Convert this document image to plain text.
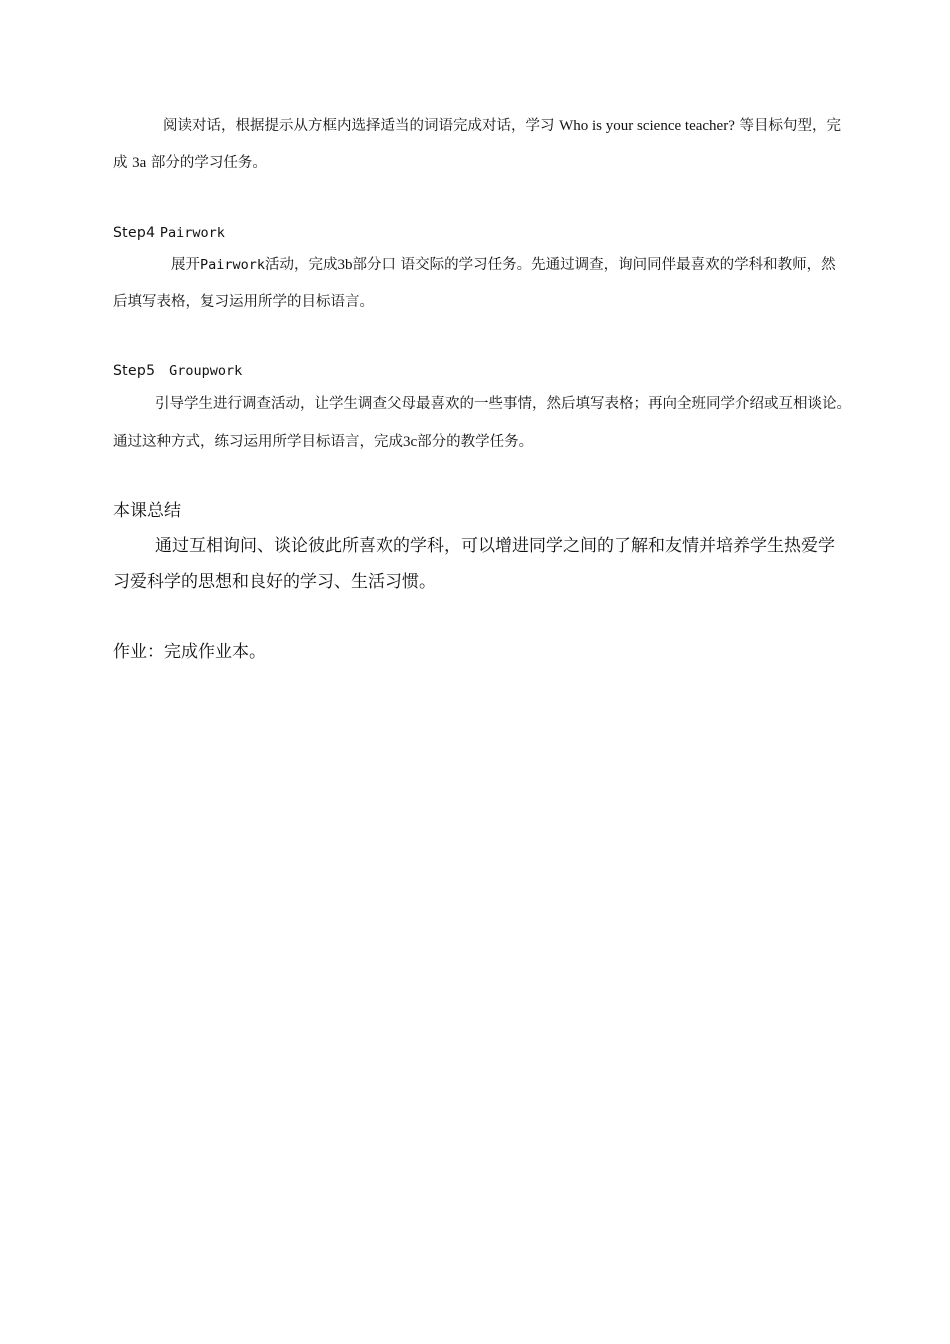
阅读对话，根据提示从方框内选择适当的词语完成对话，学习 Who is your science teacher? 等目标句型，完
成 3a 部分的学习任务。
Step4 Pairwork
展开Pairwork活动，完成3b部分口 语交际的学习任务。先通过调查，询问同伴最喜欢的学科和教师，然
后填写表格，复习运用所学的目标语言。
Step5 Groupwork
引导学生进行调查活动，让学生调查父母最喜欢的一些事情，然后填写表格；再向全班同学介绍或互相谈论。
通过这种方式，练习运用所学目标语言，完成3c部分的教学任务。
本课总结
通过互相询问、谈论彼此所喜欢的学科，可以增进同学之间的了解和友情并培养学生热爱学
习爱科学的思想和良好的学习、生活习惯。
作业：完成作业本。
